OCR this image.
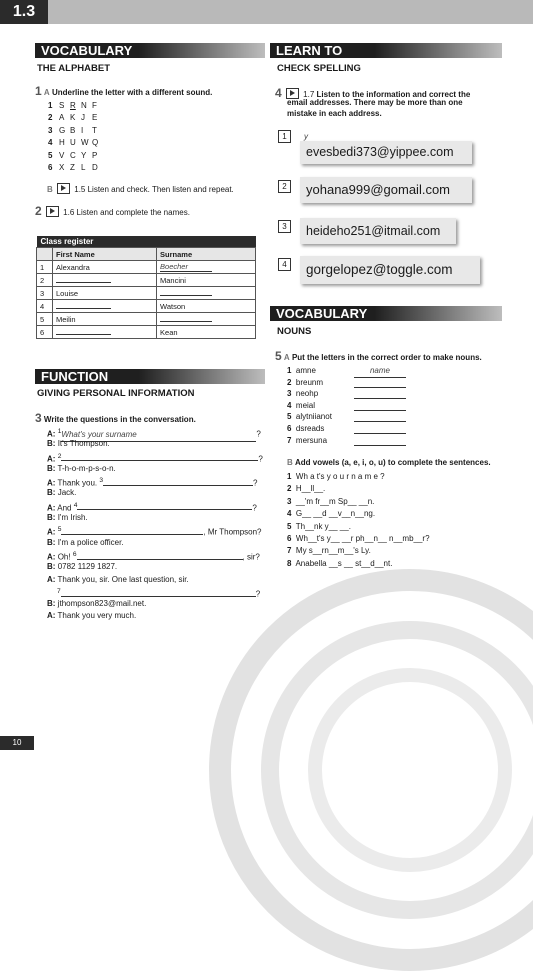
1.3
VOCABULARY
THE ALPHABET
1 A Underline the letter with a different sound.
1 S R N F
2 A K J E
3 G B I T
4 H U W Q
5 V C Y P
6 X Z L D
B	1.5 Listen and check. Then listen and repeat.
2	1.6 Listen and complete the names.
Class register		
	First Name	Surname
1	Alexandra	Boecher
2		Mancini
3	Louise	
4		Watson
5	Meilin	
6		Kean
FUNCTION
GIVING PERSONAL INFORMATION
3 Write the questions in the conversation.
A: $^1$What's your surname	?
B: It's Thompson.
A: $^2$	?
B: T-h-o-m-p-s-o-n.
A: Thank you. $^3$	?
B: Jack.
A: And $^4$	?
B: I'm Irish.
A: $^5$	, Mr Thompson?
B: I'm a police officer.
A: Oh! $^6$	, sir?
B: 0782 1129 1827.
A: Thank you, sir. One last question, sir.
$^7$	?
B: jthompson823@mail.net.
A: Thank you very much.
LEARN TO
CHECK SPELLING
4	1.7 Listen to the information and correct the
email addresses. There may be more than one
mistake in each address.
1	y
evesbedi373@yippee.com
2	yohana999@gomail.com
3	heideho251@itmail.com
4	gorgelopez@toggle.com
VOCABULARY
NOUNS
5 A Put the letters in the correct order to make nouns.
1 amne	name
2 breunm
3 neohp
4 meial
5 alytniianot
6 dsreads
7 mersuna
B Add vowels (a, e, i, o, u) to complete the sentences.
1 Wh a t's y o u r n a m e ?
2 H__ll__.
3 __'m fr__m Sp__ __n.
4 G__ __d __v__n__ng.
5 Th__nk y__ __.
6 Wh__t's y__ __r ph__n__ n__mb__r?
7 My s__rn__m__'s Ly.
8 Anabella __s __ st__d__nt.
10
